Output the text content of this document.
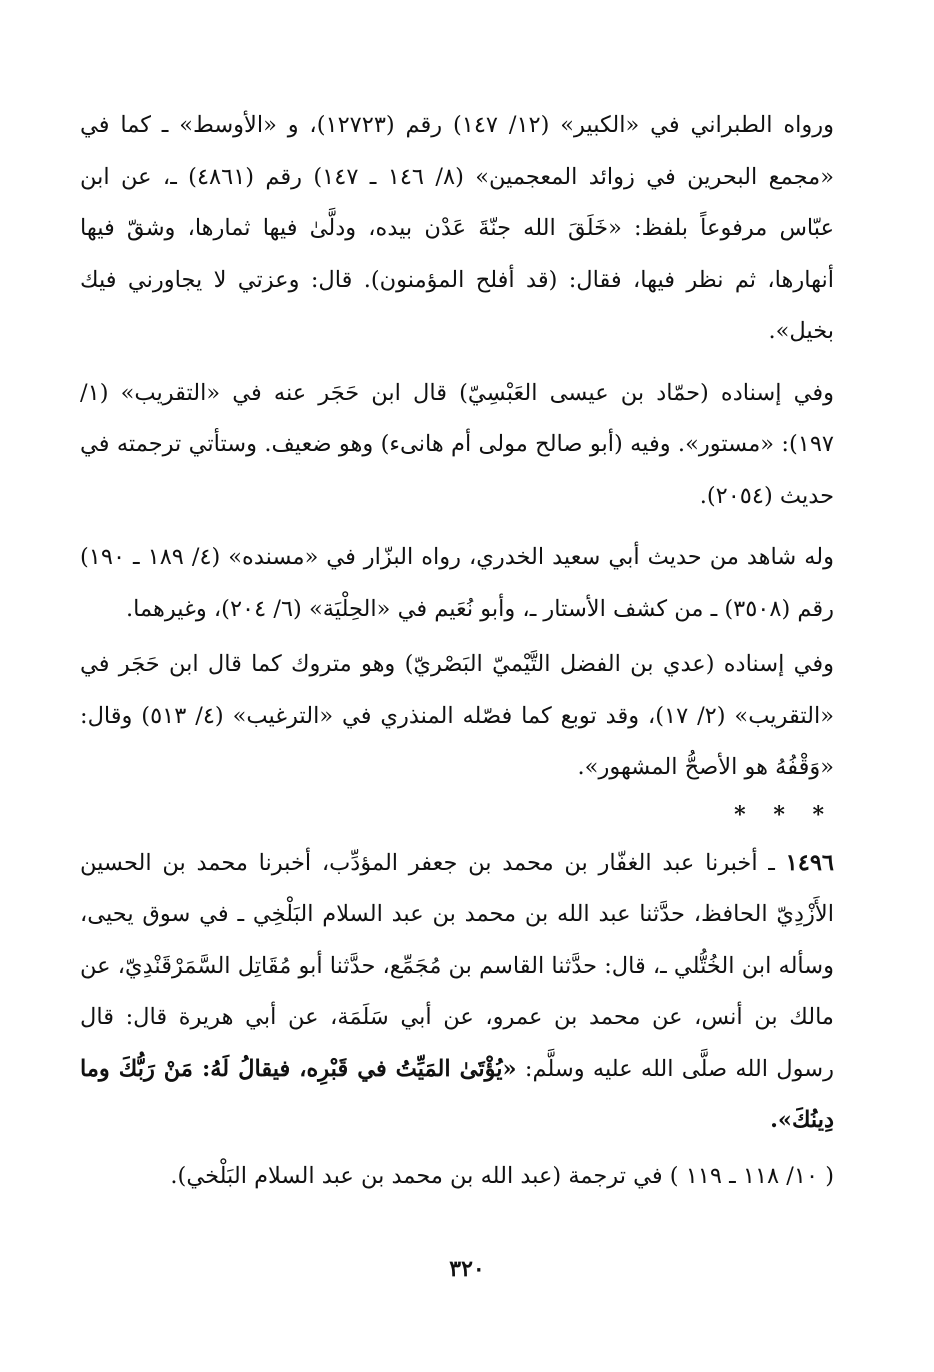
ورواه الطبراني في «الكبير» (١٢/ ١٤٧) رقم (١٢٧٢٣)، و «الأوسط» ـ كما في «مجمع البحرين في زوائد المعجمين» (٨/ ١٤٦ ـ ١٤٧) رقم (٤٨٦١) ـ، عن ابن عبّاس مرفوعاً بلفظ: «خَلَقَ الله جنّةَ عَدْن بيده، ودلَّىٰ فيها ثمارها، وشقّ فيها أنهارها، ثم نظر فيها، فقال: (قد أفلح المؤمنون). قال: وعزتي لا يجاورني فيك بخيل».

وفي إسناده (حمّاد بن عيسى العَبْسِيّ) قال ابن حَجَر عنه في «التقريب» (١/ ١٩٧): «مستور». وفيه (أبو صالح مولى أم هانىء) وهو ضعيف. وستأتي ترجمته في حديث (٢٠٥٤).

وله شاهد من حديث أبي سعيد الخدري، رواه البزّار في «مسنده» (٤/ ١٨٩ ـ ١٩٠) رقم (٣٥٠٨) ـ من كشف الأستار ـ، وأبو نُعَيم في «الحِلْيَة» (٦/ ٢٠٤)، وغيرهما.

وفي إسناده (عدي بن الفضل التَّيْميّ البَصْريّ) وهو متروك كما قال ابن حَجَر في «التقريب» (٢/ ١٧)، وقد توبع كما فصّله المنذري في «الترغيب» (٤/ ٥١٣) وقال: «وَقْفُهُ هو الأصحُّ المشهور».

* * *

١٤٩٦ ـ أخبرنا عبد الغفّار بن محمد بن جعفر المؤدِّب، أخبرنا محمد بن الحسين الأَزْدِيّ الحافظ، حدَّثنا عبد الله بن محمد بن عبد السلام البَلْخِي ـ في سوق يحيى، وسأله ابن الخُتُّلي ـ، قال: حدَّثنا القاسم بن مُجَمِّع، حدَّثنا أبو مُقَاتِل السَّمَرْقَنْدِيّ، عن مالك بن أنس، عن محمد بن عمرو، عن أبي سَلَمَة، عن أبي هريرة قال: قال رسول الله صلَّى الله عليه وسلَّم: «يُؤْتَىٰ المَيِّتُ في قَبْرِه، فيقالُ لَهُ: مَنْ رَبُّكَ وما دِينُكَ».

( ١٠/ ١١٨ ـ ١١٩ ) في ترجمة (عبد الله بن محمد بن عبد السلام البَلْخي).

٣٢٠
